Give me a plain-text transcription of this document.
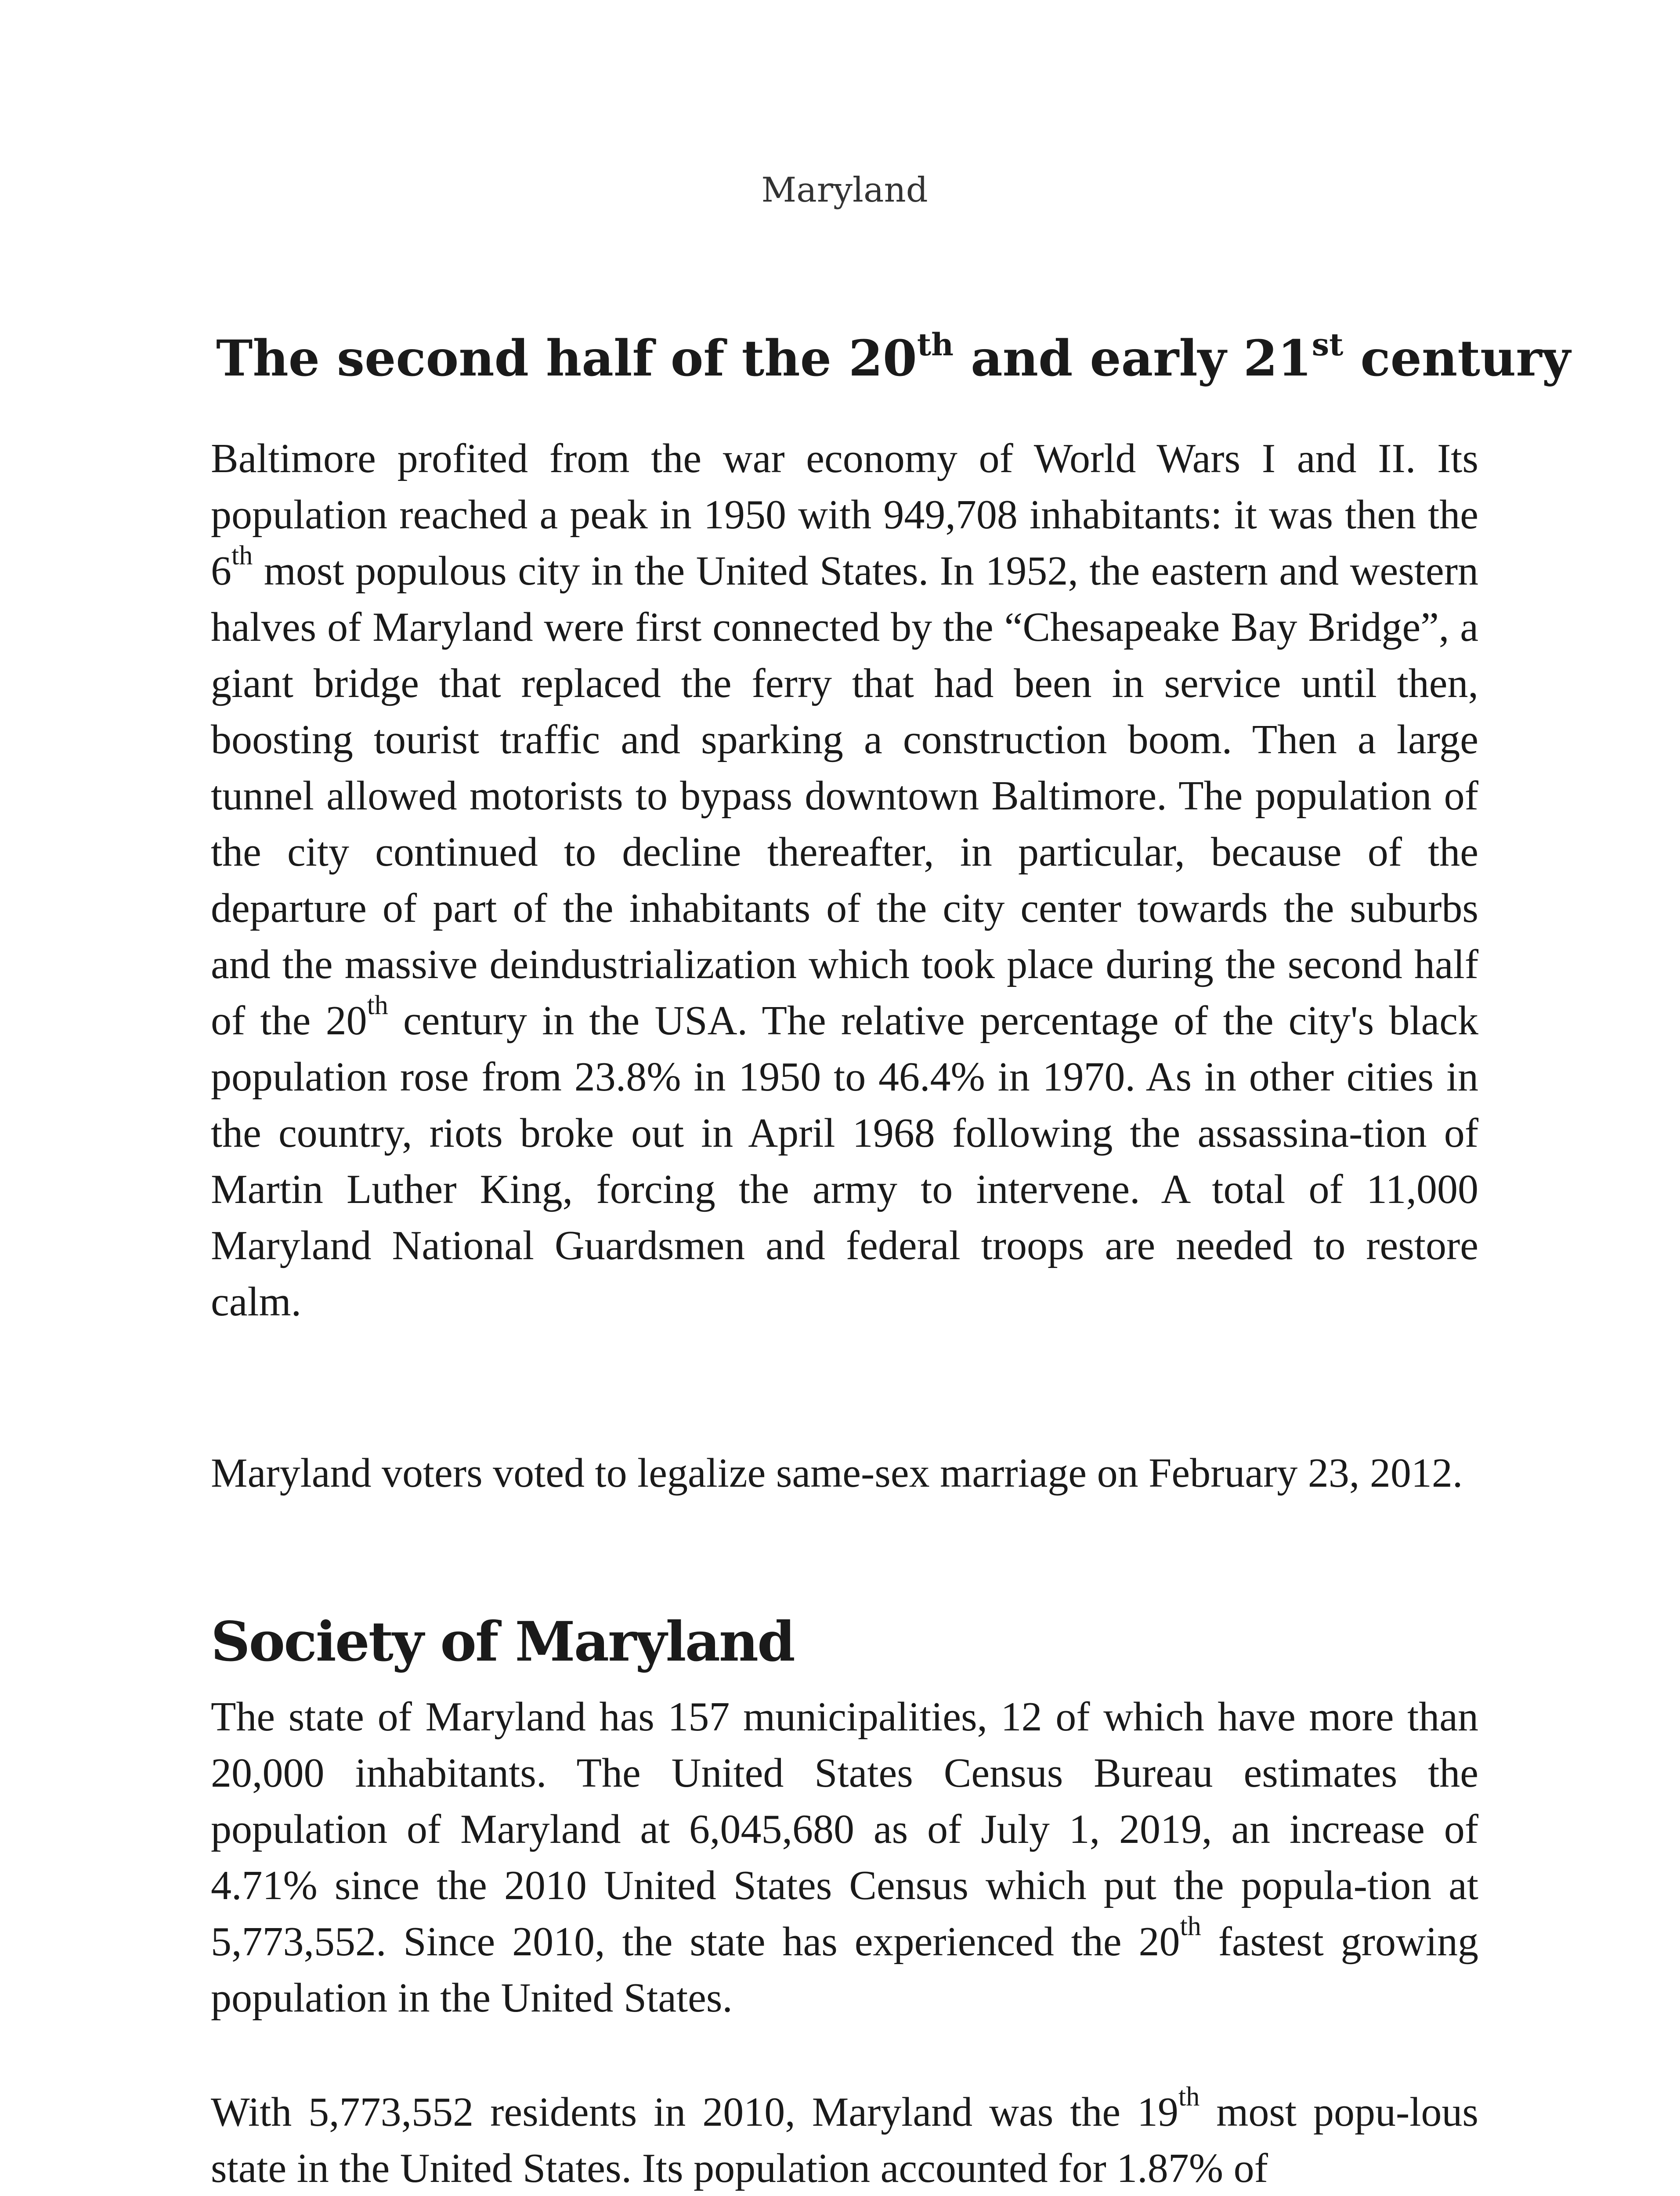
Maryland
The second half of the 20th and early 21st century

Baltimore profited from the war economy of World Wars I and II. Its population reached a peak in 1950 with 949,708 inhabitants: it was then the 6th most populous city in the United States. In 1952, the eastern and western halves of Maryland were first connected by the “Chesapeake Bay Bridge”, a giant bridge that replaced the ferry that had been in service until then, boosting tourist traffic and sparking a construction boom. Then a large tunnel allowed motorists to bypass downtown Baltimore. The population of the city continued to decline thereafter, in particular, because of the departure of part of the inhabitants of the city center towards the suburbs and the massive deindustrialization which took place during the second half of the 20th century in the USA. The relative percentage of the city's black population rose from 23.8% in 1950 to 46.4% in 1970. As in other cities in the country, riots broke out in April 1968 following the assassina-tion of Martin Luther King, forcing the army to intervene. A total of 11,000 Maryland National Guardsmen and federal troops are needed to restore calm.

Maryland voters voted to legalize same-sex marriage on February 23, 2012.

Society of Maryland

The state of Maryland has 157 municipalities, 12 of which have more than 20,000 inhabitants. The United States Census Bureau estimates the population of Maryland at 6,045,680 as of July 1, 2019, an increase of 4.71% since the 2010 United States Census which put the popula-tion at 5,773,552. Since 2010, the state has experienced the 20th fastest growing population in the United States.

With 5,773,552 residents in 2010, Maryland was the 19th most popu-lous state in the United States. Its population accounted for 1.87% of
